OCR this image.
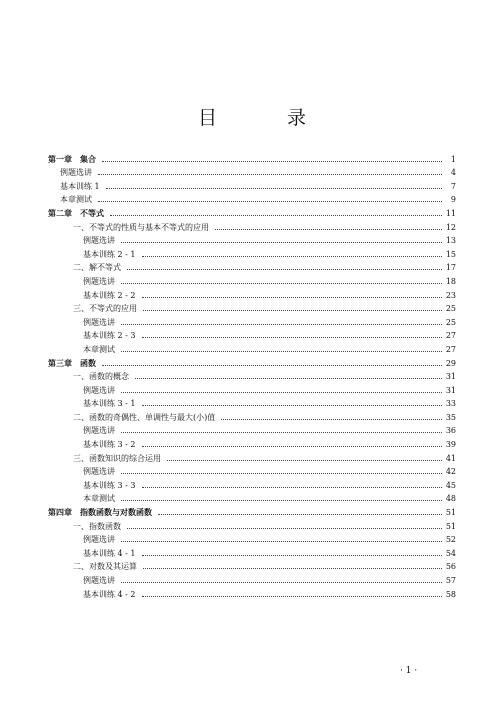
目 录
第一章　集合	1
例题选讲	4
基本训练 1	7
本章测试	9
第二章　不等式	11
一、不等式的性质与基本不等式的应用	12
例题选讲	13
基本训练 2 - 1	15
二、解不等式	17
例题选讲	18
基本训练 2 - 2	23
三、不等式的应用	25
例题选讲	25
基本训练 2 - 3	27
本章测试	27
第三章　函数	29
一、函数的概念	31
例题选讲	31
基本训练 3 - 1	33
二、函数的奇偶性、单调性与最大(小)值	35
例题选讲	36
基本训练 3 - 2	39
三、函数知识的综合运用	41
例题选讲	42
基本训练 3 - 3	45
本章测试	48
第四章　指数函数与对数函数	51
一、指数函数	51
例题选讲	52
基本训练 4 - 1	54
二、对数及其运算	56
例题选讲	57
基本训练 4 - 2	58
· 1 ·
